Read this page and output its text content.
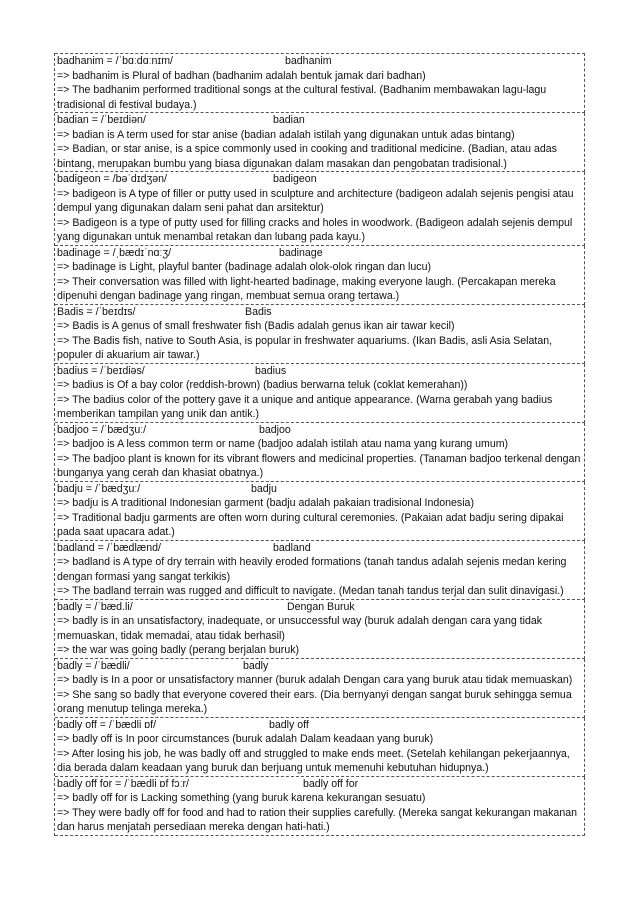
badhanim = /ˈbɑːdɑːnɪm/	badhanim
=> badhanim is Plural of badhan (badhanim adalah bentuk jamak dari badhan)
=> The badhanim performed traditional songs at the cultural festival. (Badhanim membawakan lagu-lagu tradisional di festival budaya.)
badian = /ˈbeɪdiən/	badian
=> badian is A term used for star anise (badian adalah istilah yang digunakan untuk adas bintang)
=> Badian, or star anise, is a spice commonly used in cooking and traditional medicine. (Badian, atau adas bintang, merupakan bumbu yang biasa digunakan dalam masakan dan pengobatan tradisional.)
badigeon = /bəˈdɪdʒən/	badigeon
=> badigeon is A type of filler or putty used in sculpture and architecture (badigeon adalah sejenis pengisi atau dempul yang digunakan dalam seni pahat dan arsitektur)
=> Badigeon is a type of putty used for filling cracks and holes in woodwork. (Badigeon adalah sejenis dempul yang digunakan untuk menambal retakan dan lubang pada kayu.)
badinage = /ˌbædɪˈnɑːʒ/	badinage
=> badinage is Light, playful banter (badinage adalah olok-olok ringan dan lucu)
=> Their conversation was filled with light-hearted badinage, making everyone laugh. (Percakapan mereka dipenuhi dengan badinage yang ringan, membuat semua orang tertawa.)
Badis = /ˈbeɪdɪs/	Badis
=> Badis is A genus of small freshwater fish (Badis adalah genus ikan air tawar kecil)
=> The Badis fish, native to South Asia, is popular in freshwater aquariums. (Ikan Badis, asli Asia Selatan, populer di akuarium air tawar.)
badius = /ˈbeɪdiəs/	badius
=> badius is Of a bay color (reddish-brown) (badius berwarna teluk (coklat kemerahan))
=> The badius color of the pottery gave it a unique and antique appearance. (Warna gerabah yang badius memberikan tampilan yang unik dan antik.)
badjoo = /ˈbædʒuː/	badjoo
=> badjoo is A less common term or name (badjoo adalah istilah atau nama yang kurang umum)
=> The badjoo plant is known for its vibrant flowers and medicinal properties. (Tanaman badjoo terkenal dengan bunganya yang cerah dan khasiat obatnya.)
badju = /ˈbædʒuː/	badju
=> badju is A traditional Indonesian garment (badju adalah pakaian tradisional Indonesia)
=> Traditional badju garments are often worn during cultural ceremonies. (Pakaian adat badju sering dipakai pada saat upacara adat.)
badland = /ˈbædlænd/	badland
=> badland is A type of dry terrain with heavily eroded formations (tanah tandus adalah sejenis medan kering dengan formasi yang sangat terkikis)
=> The badland terrain was rugged and difficult to navigate. (Medan tanah tandus terjal dan sulit dinavigasi.)
badly = /ˈbæd.li/	Dengan Buruk
=> badly is in an unsatisfactory, inadequate, or unsuccessful way (buruk adalah dengan cara yang tidak memuaskan, tidak memadai, atau tidak berhasil)
=> the war was going badly (perang berjalan buruk)
badly = /ˈbædli/	badly
=> badly is In a poor or unsatisfactory manner (buruk adalah Dengan cara yang buruk atau tidak memuaskan)
=> She sang so badly that everyone covered their ears. (Dia bernyanyi dengan sangat buruk sehingga semua orang menutup telinga mereka.)
badly off = /ˈbædli ɒf/	badly off
=> badly off is In poor circumstances (buruk adalah Dalam keadaan yang buruk)
=> After losing his job, he was badly off and struggled to make ends meet. (Setelah kehilangan pekerjaannya, dia berada dalam keadaan yang buruk dan berjuang untuk memenuhi kebutuhan hidupnya.)
badly off for = /ˈbædli ɒf fɔːr/	badly off for
=> badly off for is Lacking something (yang buruk karena kekurangan sesuatu)
=> They were badly off for food and had to ration their supplies carefully. (Mereka sangat kekurangan makanan dan harus menjatah persediaan mereka dengan hati-hati.)
